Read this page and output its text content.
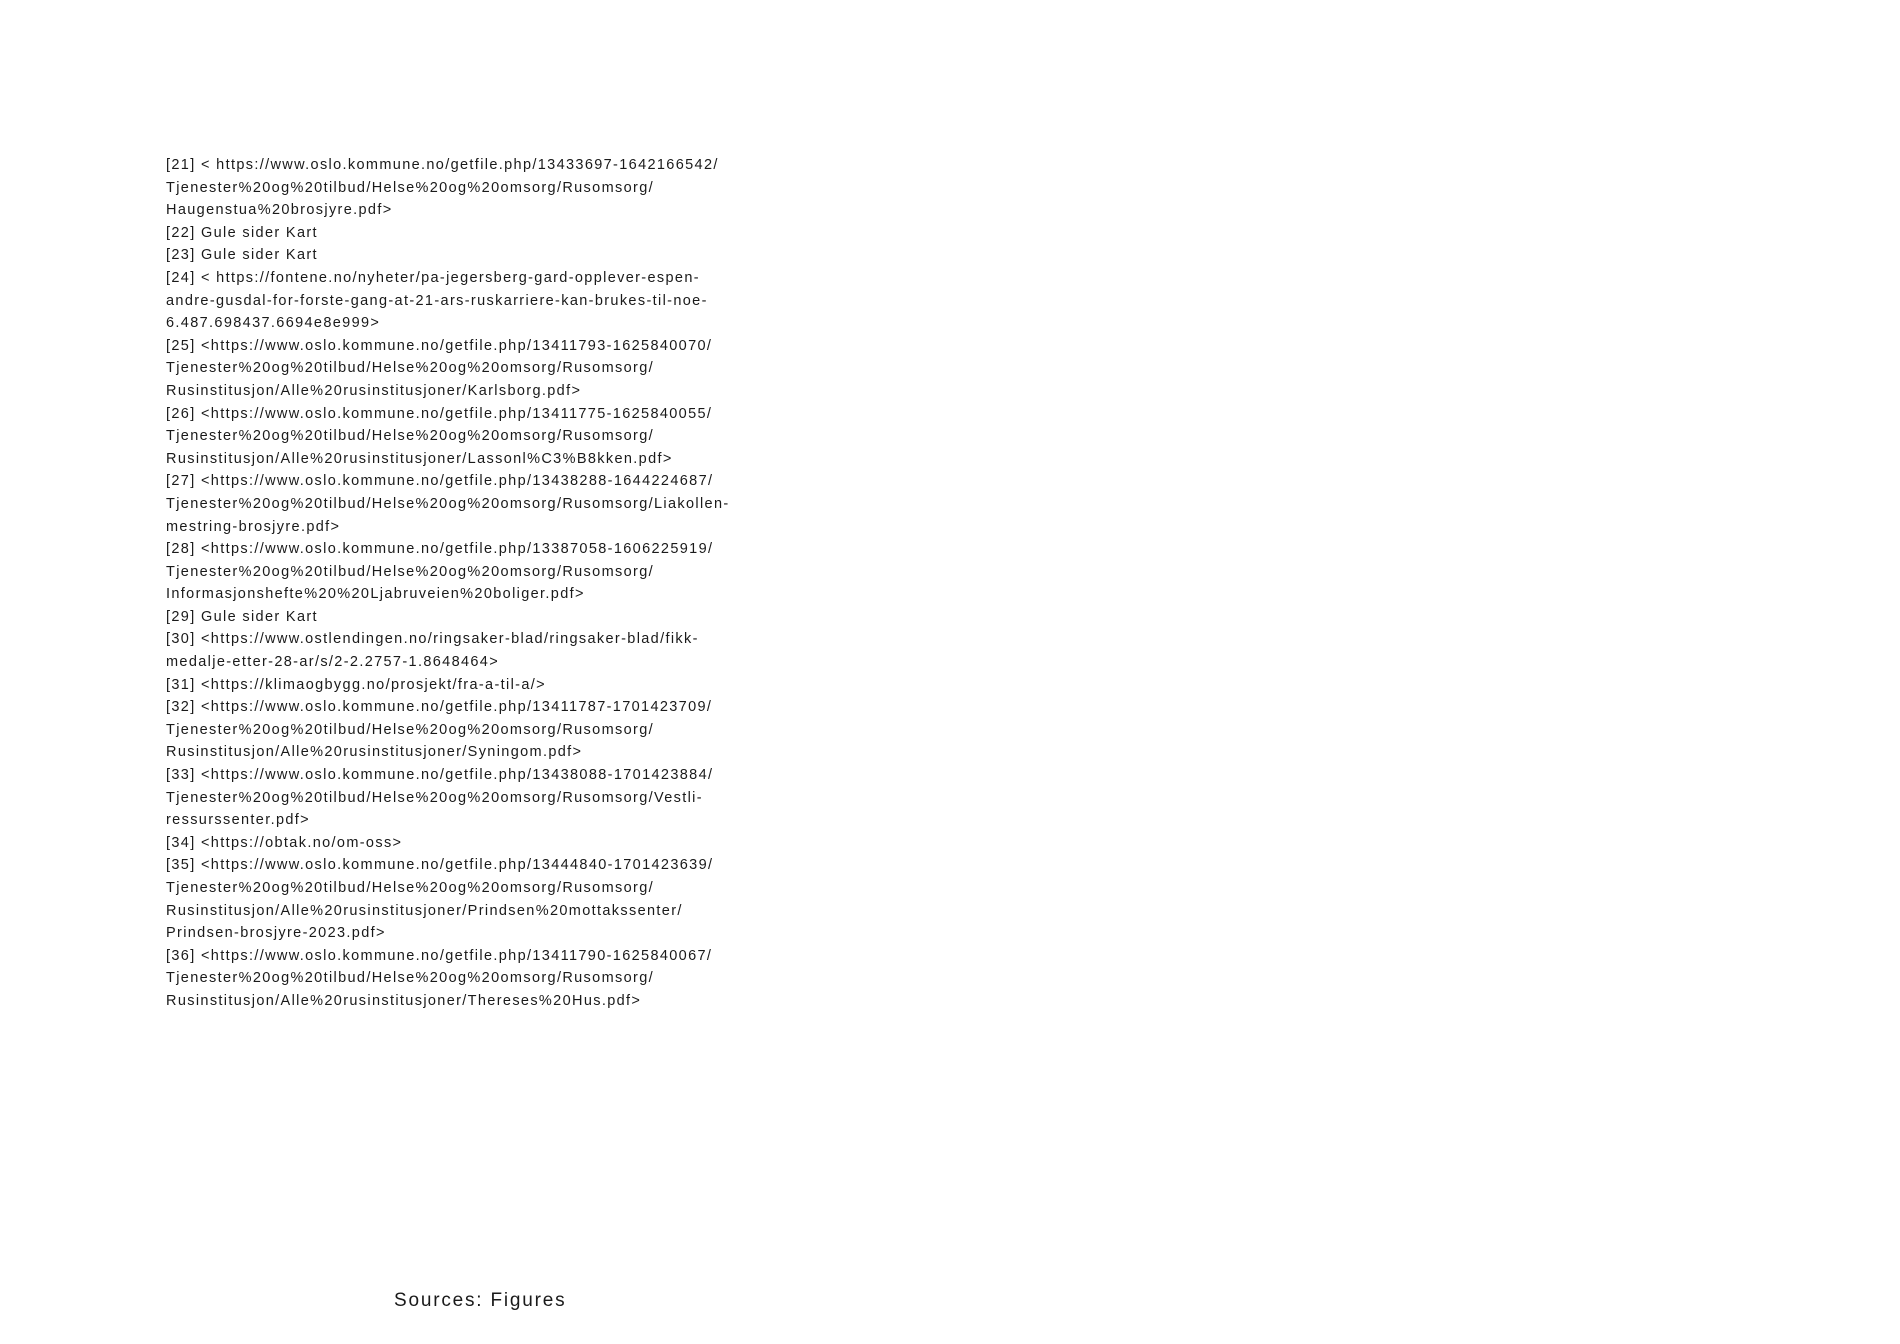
[21] < https://www.oslo.kommune.no/getfile.php/13433697-1642166542/
Tjenester%20og%20tilbud/Helse%20og%20omsorg/Rusomsorg/
Haugenstua%20brosjyre.pdf>
[22] Gule sider Kart
[23] Gule sider Kart
[24] < https://fontene.no/nyheter/pa-jegersberg-gard-opplever-espen-
andre-gusdal-for-forste-gang-at-21-ars-ruskarriere-kan-brukes-til-noe-
6.487.698437.6694e8e999>
[25] <https://www.oslo.kommune.no/getfile.php/13411793-1625840070/
Tjenester%20og%20tilbud/Helse%20og%20omsorg/Rusomsorg/
Rusinstitusjon/Alle%20rusinstitusjoner/Karlsborg.pdf>
[26] <https://www.oslo.kommune.no/getfile.php/13411775-1625840055/
Tjenester%20og%20tilbud/Helse%20og%20omsorg/Rusomsorg/
Rusinstitusjon/Alle%20rusinstitusjoner/Lassonl%C3%B8kken.pdf>
[27] <https://www.oslo.kommune.no/getfile.php/13438288-1644224687/
Tjenester%20og%20tilbud/Helse%20og%20omsorg/Rusomsorg/Liakollen-
mestring-brosjyre.pdf>
[28] <https://www.oslo.kommune.no/getfile.php/13387058-1606225919/
Tjenester%20og%20tilbud/Helse%20og%20omsorg/Rusomsorg/
Informasjonshefte%20%20Ljabruveien%20boliger.pdf>
[29] Gule sider Kart
[30] <https://www.ostlendingen.no/ringsaker-blad/ringsaker-blad/fikk-
medalje-etter-28-ar/s/2-2.2757-1.8648464>
[31] <https://klimaogbygg.no/prosjekt/fra-a-til-a/>
[32] <https://www.oslo.kommune.no/getfile.php/13411787-1701423709/
Tjenester%20og%20tilbud/Helse%20og%20omsorg/Rusomsorg/
Rusinstitusjon/Alle%20rusinstitusjoner/Syningom.pdf>
[33] <https://www.oslo.kommune.no/getfile.php/13438088-1701423884/
Tjenester%20og%20tilbud/Helse%20og%20omsorg/Rusomsorg/Vestli-
ressurssenter.pdf>
[34] <https://obtak.no/om-oss>
[35] <https://www.oslo.kommune.no/getfile.php/13444840-1701423639/
Tjenester%20og%20tilbud/Helse%20og%20omsorg/Rusomsorg/
Rusinstitusjon/Alle%20rusinstitusjoner/Prindsen%20mottakssenter/
Prindsen-brosjyre-2023.pdf>
[36] <https://www.oslo.kommune.no/getfile.php/13411790-1625840067/
Tjenester%20og%20tilbud/Helse%20og%20omsorg/Rusomsorg/
Rusinstitusjon/Alle%20rusinstitusjoner/Thereses%20Hus.pdf>
Sources: Figures
